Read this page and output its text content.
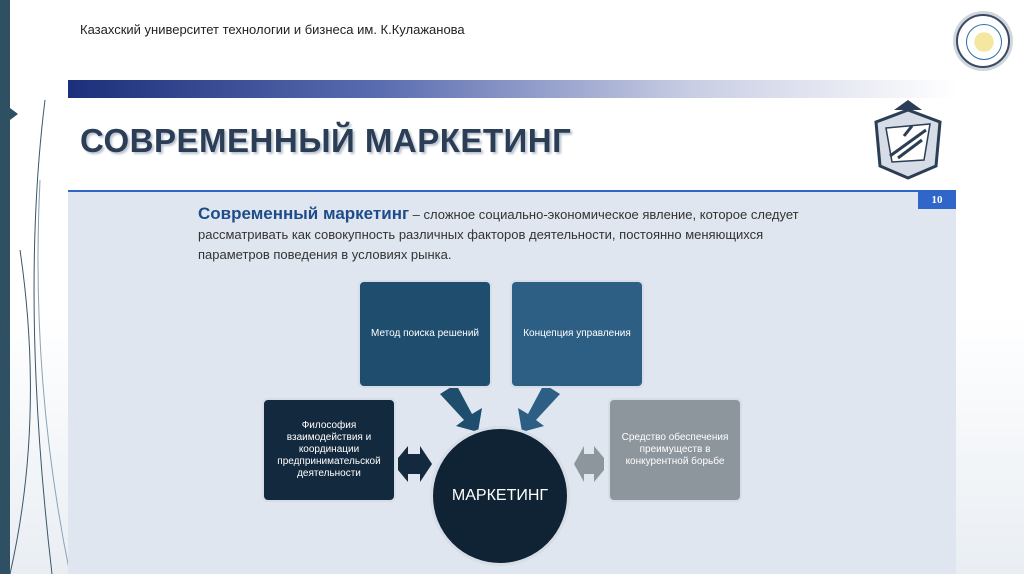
Казахский университет технологии и бизнеса им. К.Кулажанова
СОВРЕМЕННЫЙ МАРКЕТИНГ
10
Современный маркетинг – сложное социально-экономическое явление, которое следует рассматривать как совокупность различных факторов деятельности, постоянно меняющихся параметров поведения в условиях рынка.
Метод поиска решений	Концепция управления
Философия взаимодействия и координации предпринимательской деятельности
Средство обеспечения преимуществ в конкурентной борьбе
МАРКЕТИНГ
